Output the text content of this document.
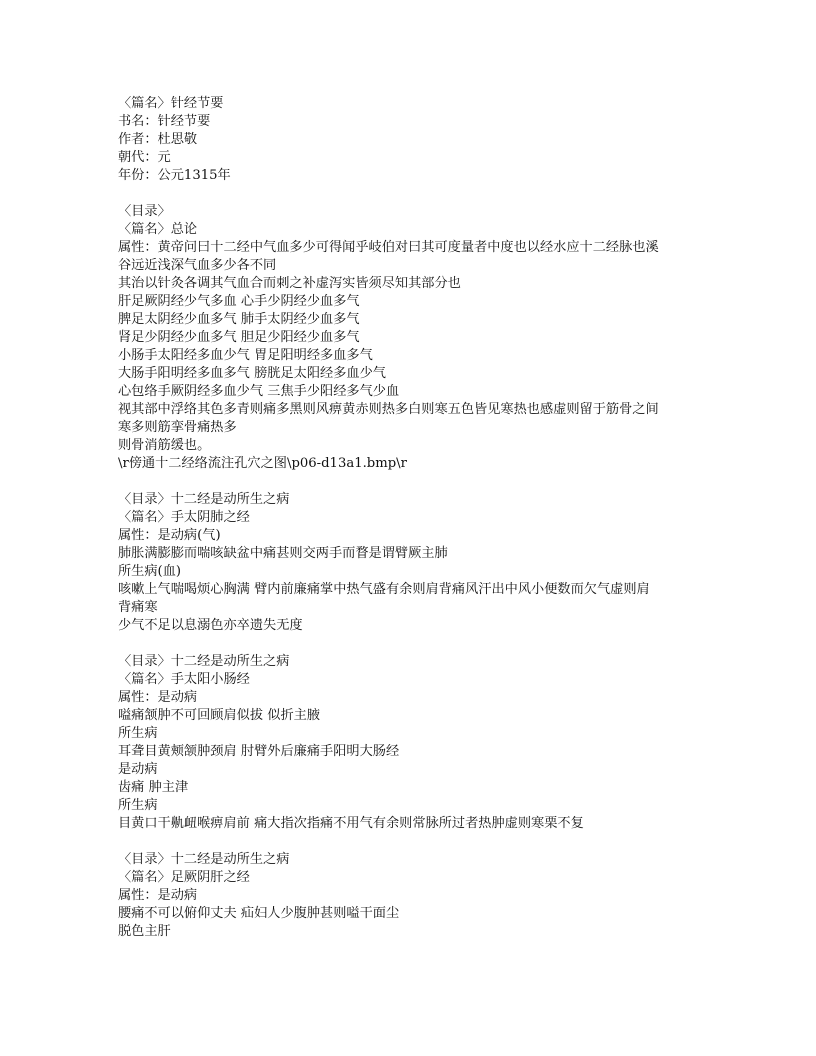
〈篇名〉针经节要
书名：针经节要
作者：杜思敬
朝代：元
年份：公元1315年
〈目录〉
〈篇名〉总论
属性：黄帝问曰十二经中气血多少可得闻乎岐伯对曰其可度量者中度也以经水应十二经脉也溪
谷远近浅深气血多少各不同
其治以针灸各调其气血合而刺之补虚泻实皆须尽知其部分也
肝足厥阴经少气多血 心手少阴经少血多气
脾足太阴经少血多气 肺手太阴经少血多气
肾足少阴经少血多气 胆足少阳经少血多气
小肠手太阳经多血少气 胃足阳明经多血多气
大肠手阳明经多血多气 膀胱足太阳经多血少气
心包络手厥阴经多血少气 三焦手少阳经多气少血
视其部中浮络其色多青则痛多黑则风痹黄赤则热多白则寒五色皆见寒热也感虚则留于筋骨之间
寒多则筋挛骨痛热多
则骨消筋缓也。
\r傍通十二经络流注孔穴之图\p06-d13a1.bmp\r
〈目录〉十二经是动所生之病
〈篇名〉手太阴肺之经
属性：是动病(气)
肺胀满膨膨而喘咳缺盆中痛甚则交两手而瞀是谓臂厥主肺
所生病(血)
咳嗽上气喘喝烦心胸满 臂内前廉痛掌中热气盛有余则肩背痛风汗出中风小便数而欠气虚则肩
背痛寒
少气不足以息溺色亦卒遗失无度
〈目录〉十二经是动所生之病
〈篇名〉手太阳小肠经
属性：是动病
嗌痛颔肿不可回顾肩似拔 似折主腋
所生病
耳聋目黄颊颔肿颈肩 肘臂外后廉痛手阳明大肠经
是动病
齿痛 肿主津
所生病
目黄口干鼽衄喉痹肩前 痛大指次指痛不用气有余则常脉所过者热肿虚则寒栗不复
〈目录〉十二经是动所生之病
〈篇名〉足厥阴肝之经
属性：是动病
腰痛不可以俯仰丈夫 疝妇人少腹肿甚则嗌干面尘
脱色主肝
